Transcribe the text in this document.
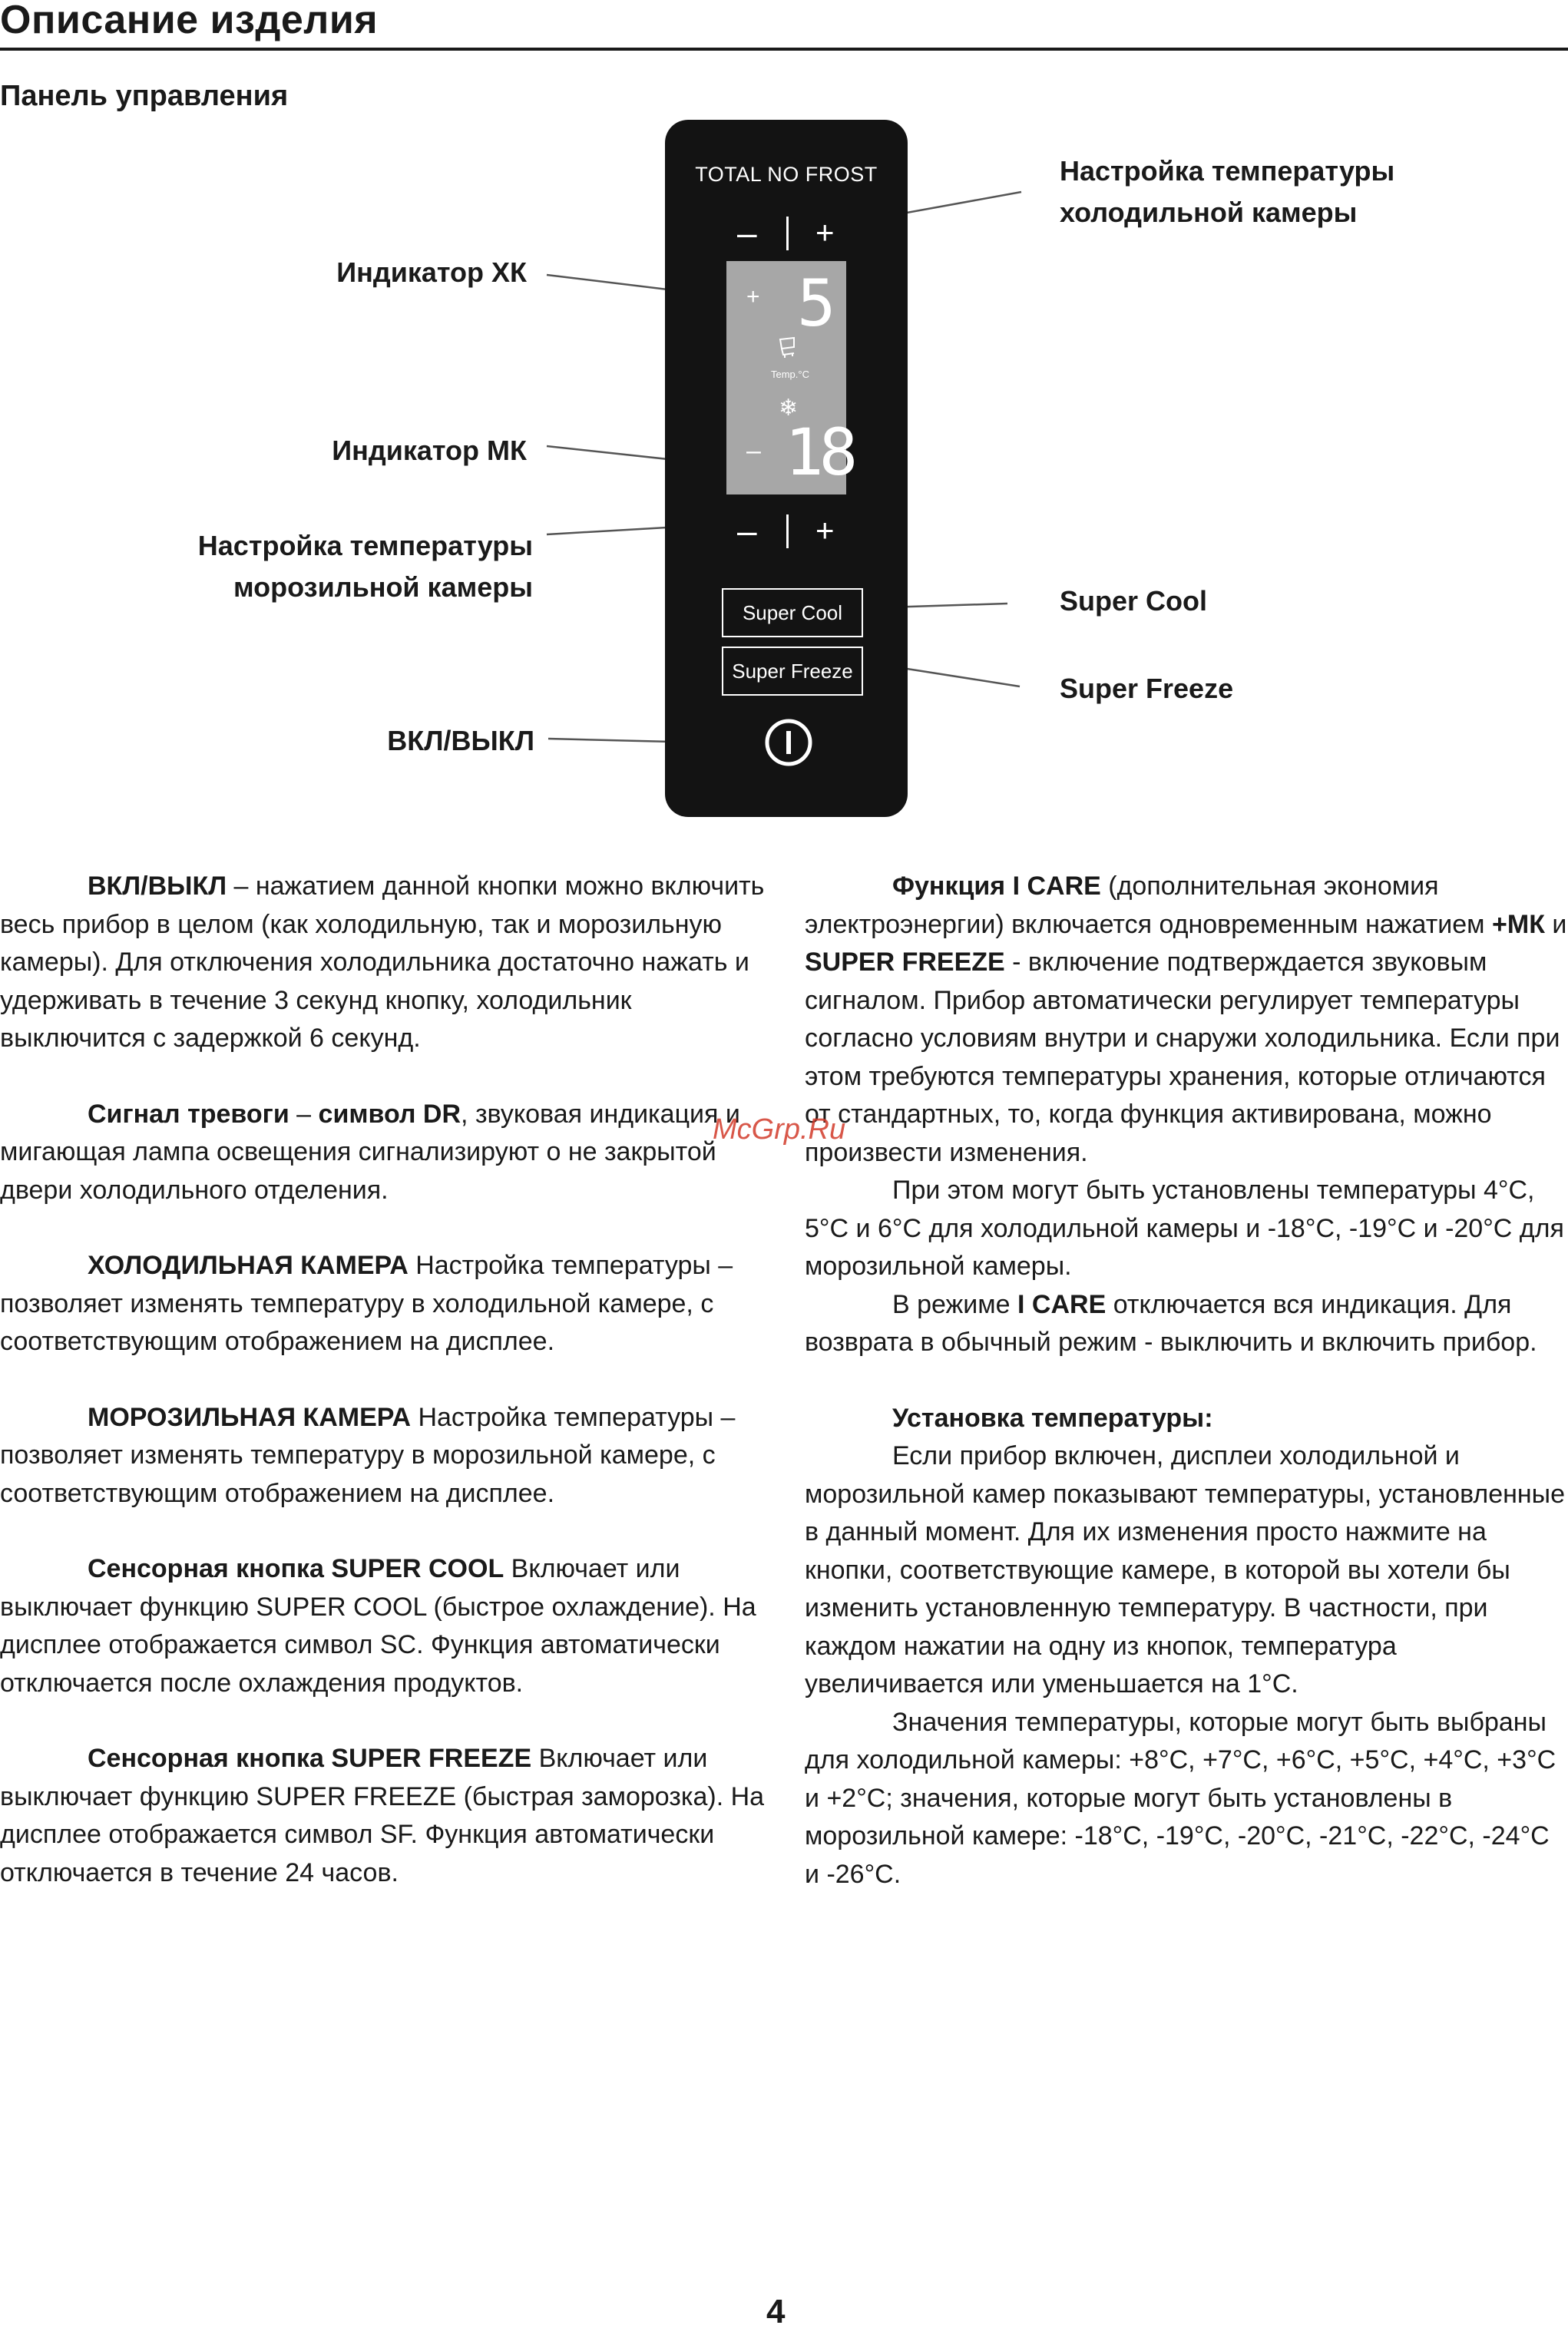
Описание изделия
Панель управления
TOTAL NO FROST
– +
+ 5
Temp.°C
❄
– 18
– +
Super Cool
Super Freeze
Настройка температуры
холодильной камеры
Индикатор ХК
Индикатор МК
Настройка температуры
морозильной камеры	Super Cool
Super Freeze
ВКЛ/ВЫКЛ

ВКЛ/ВЫКЛ – нажатием данной кнопки можно включить весь прибор в целом (как холодильную, так и морозильную камеры). Для отключения холодильника достаточно нажать и удерживать в течение 3 секунд кнопку, холодильник выключится с задержкой 6 секунд.

Сигнал тревоги – символ DR, звуковая индикация и мигающая лампа освещения сигнализируют о не закрытой двери холодильного отделения.

ХОЛОДИЛЬНАЯ КАМЕРА Настройка температуры – позволяет изменять температуру в холодильной камере, с соответствующим отображением на дисплее.

МОРОЗИЛЬНАЯ КАМЕРА Настройка температуры – позволяет изменять температуру в морозильной камере, с соответствующим отображением на дисплее.

Сенсорная кнопка SUPER COOL Включает или выключает функцию SUPER COOL (быстрое охлаждение). На дисплее отображается символ SC. Функция автоматически отключается после охлаждения продуктов.

Сенсорная кнопка SUPER FREEZE Включает или выключает функцию SUPER FREEZE (быстрая заморозка). На дисплее отображается символ SF. Функция автоматически отключается в течение 24 часов.

Функция I CARE (дополнительная экономия электроэнергии) включается одновременным нажатием +МК и SUPER FREEZE - включение подтверждается звуковым сигналом. Прибор автоматически регулирует температуры согласно условиям внутри и снаружи холодильника. Если при этом требуются температуры хранения, которые отличаются от стандартных, то, когда функция активирована, можно произвести изменения.

При этом могут быть установлены температуры 4°C, 5°C и 6°C для холодильной камеры и -18°C, -19°C и -20°C для морозильной камеры.

В режиме I CARE отключается вся индикация. Для возврата в обычный режим - выключить и включить прибор.

Установка температуры:

Если прибор включен, дисплеи холодильной и морозильной камер показывают температуры, установленные в данный момент. Для их изменения просто нажмите на кнопки, соответствующие камере, в которой вы хотели бы изменить установленную температуру. В частности, при каждом нажатии на одну из кнопок, температура увеличивается или уменьшается на 1°С.

Значения температуры, которые могут быть выбраны для холодильной камеры: +8°C, +7°C, +6°C, +5°C, +4°C, +3°C и +2°C; значения, которые могут быть установлены в морозильной камере: -18°C, -19°C, -20°C, -21°C, -22°C, -24°C и -26°C.

McGrp.Ru
4
